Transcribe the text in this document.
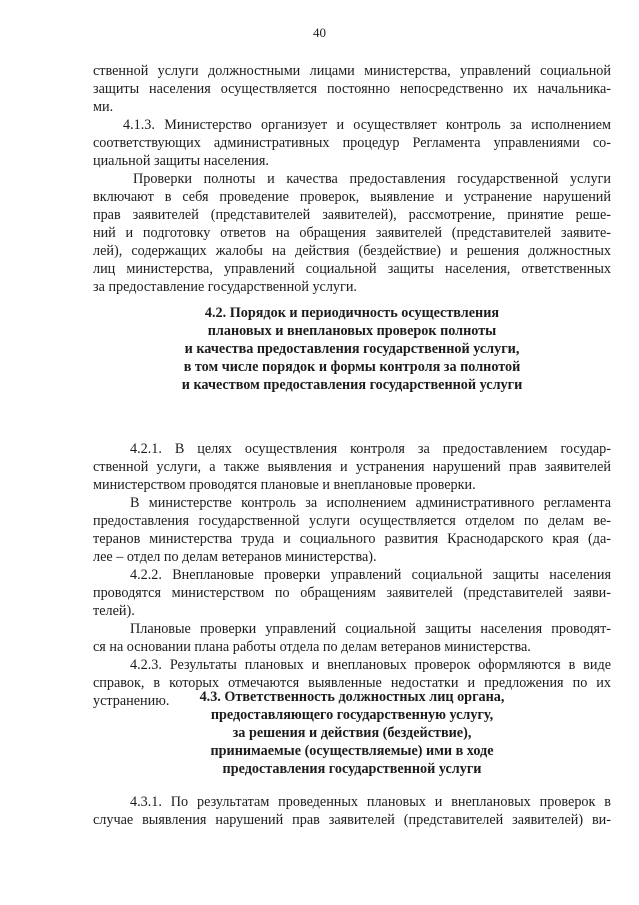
40
ственной услуги должностными лицами министерства, управлений социальной
защиты населения осуществляется постоянно непосредственно их начальника-
ми.
4.1.3. Министерство организует и осуществляет контроль за исполнением
соответствующих административных процедур Регламента управлениями со-
циальной защиты населения.
Проверки полноты и качества предоставления государственной услуги
включают в себя проведение проверок, выявление и устранение нарушений
прав заявителей (представителей заявителей), рассмотрение, принятие реше-
ний и подготовку ответов на обращения заявителей (представителей заявите-
лей), содержащих жалобы на действия (бездействие) и решения должностных
лиц министерства, управлений социальной защиты населения, ответственных
за предоставление государственной услуги.
4.2. Порядок и периодичность осуществления
плановых и внеплановых проверок полноты
и качества предоставления государственной услуги,
в том числе порядок и формы контроля за полнотой
и качеством предоставления государственной услуги
4.2.1. В целях осуществления контроля за предоставлением государ-
ственной услуги, а также выявления и устранения нарушений прав заявителей
министерством проводятся плановые и внеплановые проверки.
В министерстве контроль за исполнением административного регламента
предоставления государственной услуги осуществляется отделом по делам ве-
теранов министерства труда и социального развития Краснодарского края (да-
лее – отдел по делам ветеранов министерства).
4.2.2. Внеплановые проверки управлений социальной защиты населения
проводятся министерством по обращениям заявителей (представителей заяви-
телей).
Плановые проверки управлений социальной защиты населения проводят-
ся на основании плана работы отдела по делам ветеранов министерства.
4.2.3. Результаты плановых и внеплановых проверок оформляются в виде
справок, в которых отмечаются выявленные недостатки и предложения по их
устранению.	4.3. Ответственность должностных лиц органа,
предоставляющего государственную услугу,
за решения и действия (бездействие),
принимаемые (осуществляемые) ими в ходе
предоставления государственной услуги
4.3.1. По результатам проведенных плановых и внеплановых проверок в
случае выявления нарушений прав заявителей (представителей заявителей) ви-
